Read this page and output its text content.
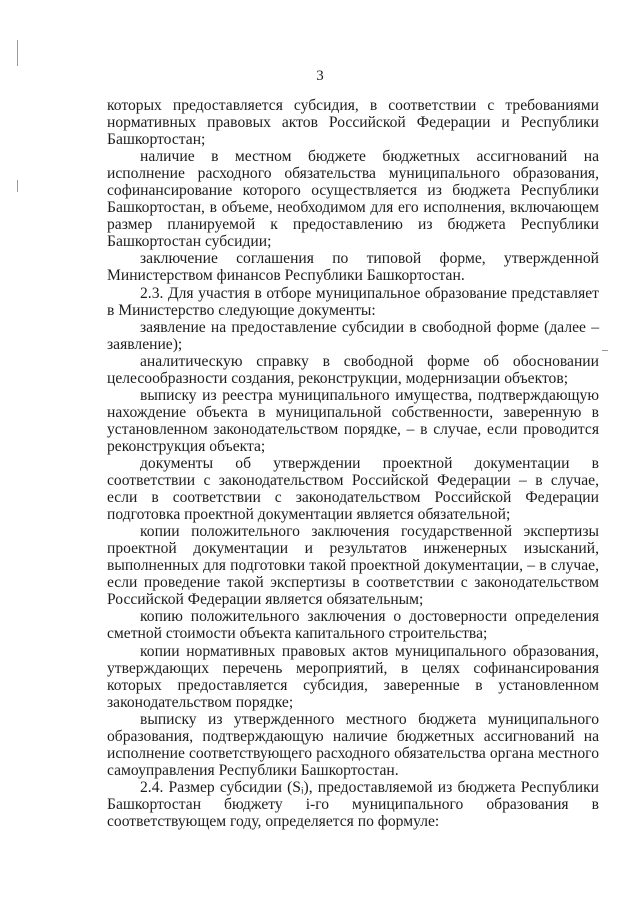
3

которых предоставляется субсидия, в соответствии с требованиями нормативных правовых актов Российской Федерации и Республики Башкортостан;

наличие в местном бюджете бюджетных ассигнований на исполнение расходного обязательства муниципального образования, софинансирование которого осуществляется из бюджета Республики Башкортостан, в объеме, необходимом для его исполнения, включающем размер планируемой к предоставлению из бюджета Республики Башкортостан субсидии;

заключение соглашения по типовой форме, утвержденной Министерством финансов Республики Башкортостан.

2.3. Для участия в отборе муниципальное образование представляет в Министерство следующие документы:

заявление на предоставление субсидии в свободной форме (далее – заявление);

аналитическую справку в свободной форме об обосновании целесообразности создания, реконструкции, модернизации объектов;

выписку из реестра муниципального имущества, подтверждающую нахождение объекта в муниципальной собственности, заверенную в установленном законодательством порядке, – в случае, если проводится реконструкция объекта;

документы об утверждении проектной документации в соответствии с законодательством Российской Федерации – в случае, если в соответствии с законодательством Российской Федерации подготовка проектной документации является обязательной;

копии положительного заключения государственной экспертизы проектной документации и результатов инженерных изысканий, выполненных для подготовки такой проектной документации, – в случае, если проведение такой экспертизы в соответствии с законодательством Российской Федерации является обязательным;

копию положительного заключения о достоверности определения сметной стоимости объекта капитального строительства;

копии нормативных правовых актов муниципального образования, утверждающих перечень мероприятий, в целях софинансирования которых предоставляется субсидия, заверенные в установленном законодательством порядке;

выписку из утвержденного местного бюджета муниципального образования, подтверждающую наличие бюджетных ассигнований на исполнение соответствующего расходного обязательства органа местного самоуправления Республики Башкортостан.

2.4. Размер субсидии (Sᵢ), предоставляемой из бюджета Республики Башкортостан бюджету i-го муниципального образования в соответствующем году, определяется по формуле:
